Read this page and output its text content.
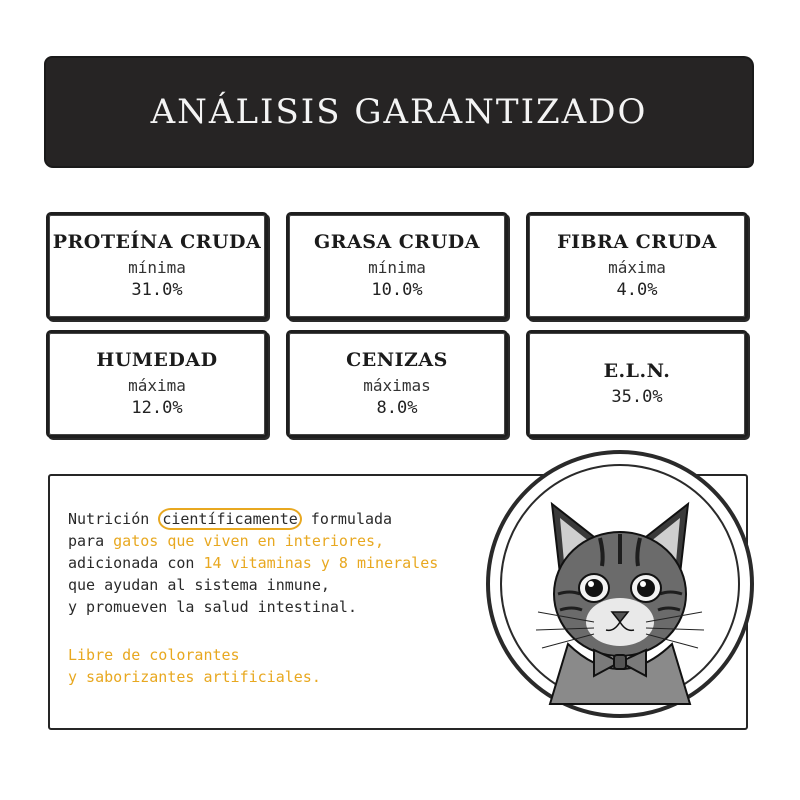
ANÁLISIS GARANTIZADO
PROTEÍNA CRUDA
mínima
31.0%
GRASA CRUDA
mínima
10.0%
FIBRA CRUDA
máxima
4.0%
HUMEDAD
máxima
12.0%
CENIZAS
máximas
8.0%
E.L.N.
35.0%

Nutrición científicamente formulada

para gatos que viven en interiores,

adicionada con 14 vitaminas y 8 minerales

que ayudan al sistema inmune,

y promueven la salud intestinal.

Libre de colorantes

y saborizantes artificiales.
